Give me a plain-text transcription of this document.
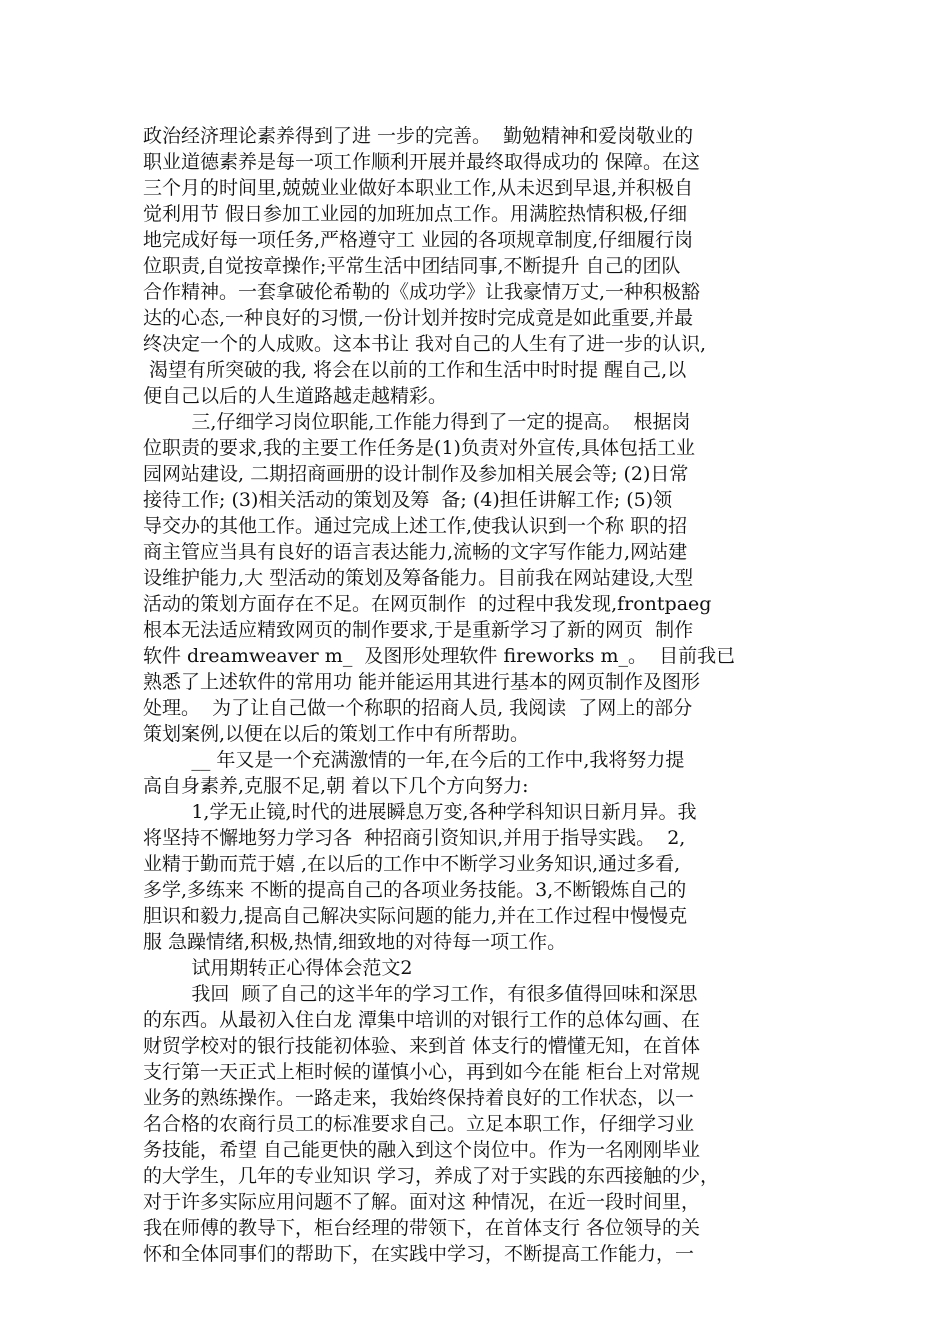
政治经济理论素养得到了进 一步的完善。  勤勉精神和爱岗敬业的
职业道德素养是每一项工作顺利开展并最终取得成功的 保障。在这
三个月的时间里,兢兢业业做好本职业工作,从未迟到早退,并积极自
觉利用节 假日参加工业园的加班加点工作。用满腔热情积极,仔细
地完成好每一项任务,严格遵守工 业园的各项规章制度,仔细履行岗
位职责,自觉按章操作;平常生活中团结同事,不断提升 自己的团队
合作精神。一套拿破伦希勒的《成功学》让我豪情万丈,一种积极豁
达的心态,一种良好的习惯,一份计划并按时完成竟是如此重要,并最
终决定一个的人成败。这本书让 我对自己的人生有了进一步的认识,
渴望有所突破的我, 将会在以前的工作和生活中时时提 醒自己,以
便自己以后的人生道路越走越精彩。
三,仔细学习岗位职能,工作能力得到了一定的提高。  根据岗
位职责的要求,我的主要工作任务是(1)负责对外宣传,具体包括工业
园网站建设, 二期招商画册的设计制作及参加相关展会等; (2)日常
接待工作; (3)相关活动的策划及筹  备; (4)担任讲解工作; (5)领
导交办的其他工作。通过完成上述工作,使我认识到一个称 职的招
商主管应当具有良好的语言表达能力,流畅的文字写作能力,网站建
设维护能力,大 型活动的策划及筹备能力。目前我在网站建设,大型
活动的策划方面存在不足。在网页制作  的过程中我发现,frontpaeg
根本无法适应精致网页的制作要求,于是重新学习了新的网页  制作
软件 dreamweaver m_  及图形处理软件 fireworks m_。  目前我已
熟悉了上述软件的常用功 能并能运用其进行基本的网页制作及图形
处理。  为了让自己做一个称职的招商人员, 我阅读  了网上的部分
策划案例,以便在以后的策划工作中有所帮助。
__ 年又是一个充满激情的一年,在今后的工作中,我将努力提
高自身素养,克服不足,朝 着以下几个方向努力:
1,学无止镜,时代的进展瞬息万变,各种学科知识日新月异。我
将坚持不懈地努力学习各  种招商引资知识,并用于指导实践。  2,
业精于勤而荒于嬉 ,在以后的工作中不断学习业务知识,通过多看,
多学,多练来 不断的提高自己的各项业务技能。3,不断锻炼自己的
胆识和毅力,提高自己解决实际问题的能力,并在工作过程中慢慢克
服 急躁情绪,积极,热情,细致地的对待每一项工作。
试用期转正心得体会范文2
我回  顾了自己的这半年的学习工作，有很多值得回味和深思
的东西。从最初入住白龙 潭集中培训的对银行工作的总体勾画、在
财贸学校对的银行技能初体验、来到首 体支行的懵懂无知，在首体
支行第一天正式上柜时候的谨慎小心，再到如今在能 柜台上对常规
业务的熟练操作。一路走来，我始终保持着良好的工作状态，以一
名合格的农商行员工的标准要求自己。立足本职工作，仔细学习业
务技能，希望 自己能更快的融入到这个岗位中。作为一名刚刚毕业
的大学生，几年的专业知识 学习，养成了对于实践的东西接触的少，
对于许多实际应用问题不了解。面对这 种情况，在近一段时间里，
我在师傅的教导下，柜台经理的带领下，在首体支行 各位领导的关
怀和全体同事们的帮助下，在实践中学习，不断提高工作能力，一
